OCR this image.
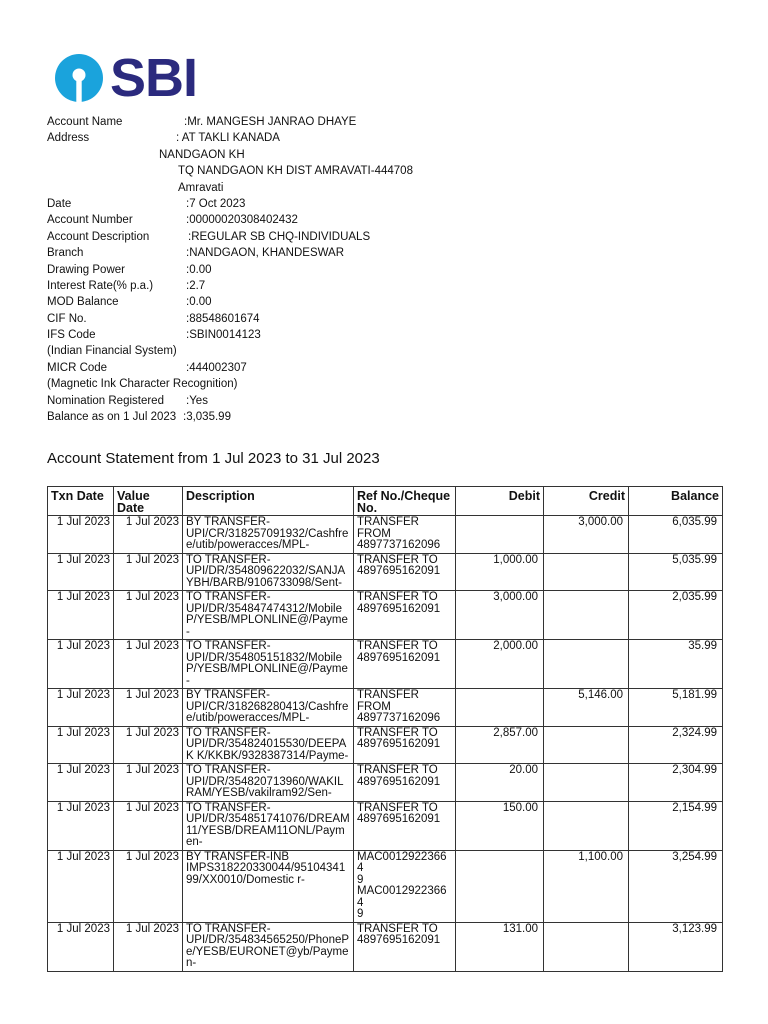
SBI
Account Name	:Mr. MANGESH JANRAO DHAYE
Address	: AT TAKLI KANADA
NANDGAON KH
TQ NANDGAON KH DIST AMRAVATI-444708
Amravati
Date	:7 Oct 2023
Account Number	:00000020308402432
Account Description	:REGULAR SB CHQ-INDIVIDUALS
Branch	:NANDGAON, KHANDESWAR
Drawing Power	:0.00
Interest Rate(% p.a.)	:2.7
MOD Balance	:0.00
CIF No.	:88548601674
IFS Code	:SBIN0014123
(Indian Financial System)
MICR Code	:444002307
(Magnetic Ink Character Recognition)
Nomination Registered :Yes
Balance as on 1 Jul 2023 :3,035.99
Account Statement from 1 Jul 2023 to 31 Jul 2023
Txn Date	Value
Date	Description	Ref No./Cheque
No.	Debit	Credit	Balance
1 Jul 2023	1 Jul 2023	BY TRANSFER-
UPI/CR/318257091932/Cashfre
e/utib/poweracces/MPL-	TRANSFER
FROM
4897737162096		3,000.00	6,035.99
1 Jul 2023	1 Jul 2023	TO TRANSFER-
UPI/DR/354809622032/SANJA
YBH/BARB/9106733098/Sent-	TRANSFER TO
4897695162091	1,000.00		5,035.99
1 Jul 2023	1 Jul 2023	TO TRANSFER-
UPI/DR/354847474312/Mobile
P/YESB/MPLONLINE@/Payme
-	TRANSFER TO
4897695162091	3,000.00		2,035.99
1 Jul 2023	1 Jul 2023	TO TRANSFER-
UPI/DR/354805151832/Mobile
P/YESB/MPLONLINE@/Payme
-	TRANSFER TO
4897695162091	2,000.00		35.99
1 Jul 2023	1 Jul 2023	BY TRANSFER-
UPI/CR/318268280413/Cashfre
e/utib/poweracces/MPL-	TRANSFER
FROM
4897737162096		5,146.00	5,181.99
1 Jul 2023	1 Jul 2023	TO TRANSFER-
UPI/DR/354824015530/DEEPA
K K/KKBK/9328387314/Payme-	TRANSFER TO
4897695162091	2,857.00		2,324.99
1 Jul 2023	1 Jul 2023	TO TRANSFER-
UPI/DR/354820713960/WAKIL
RAM/YESB/vakilram92/Sen-	TRANSFER TO
4897695162091	20.00		2,304.99
1 Jul 2023	1 Jul 2023	TO TRANSFER-
UPI/DR/354851741076/DREAM
11/YESB/DREAM11ONL/Paym
en-	TRANSFER TO
4897695162091	150.00		2,154.99
1 Jul 2023	1 Jul 2023	BY TRANSFER-INB
IMPS318220330044/95104341
99/XX0010/Domestic r-	MAC00129223664
9
MAC00129223664
9		1,100.00	3,254.99
1 Jul 2023	1 Jul 2023	TO TRANSFER-
UPI/DR/354834565250/PhoneP
e/YESB/EURONET@yb/Payme
n-	TRANSFER TO
4897695162091	131.00		3,123.99
